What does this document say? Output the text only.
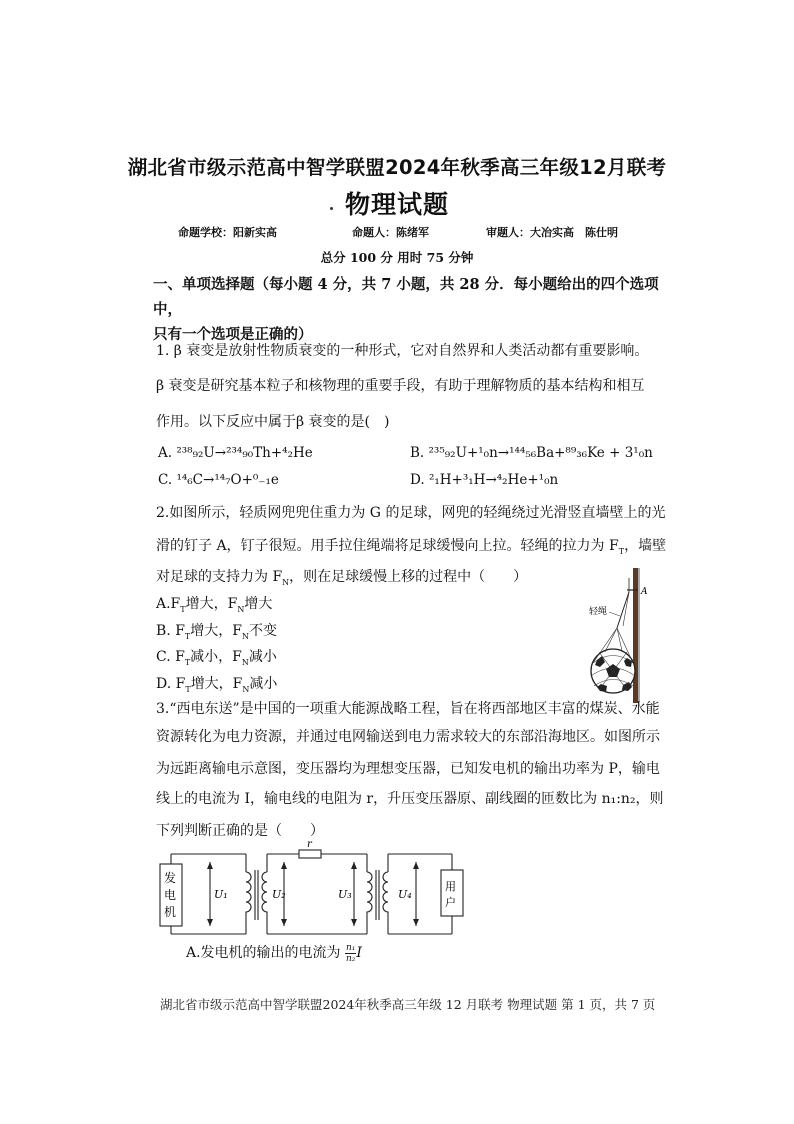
湖北省市级示范高中智学联盟2024年秋季高三年级12月联考
物理试题
命题学校：阳新实高	命题人：陈绪军	审题人：大冶实高　陈仕明
总分 100 分 用时 75 分钟
一、单项选择题（每小题 4 分，共 7 小题，共 28 分．每小题给出的四个选项中，
只有一个选项是正确的）
1. β 衰变是放射性物质衰变的一种形式，它对自然界和人类活动都有重要影响。
β 衰变是研究基本粒子和核物理的重要手段，有助于理解物质的基本结构和相互
作用。以下反应中属于β 衰变的是(　)
A. ²³⁸₉₂U→²³⁴₉₀Th+⁴₂He	B. ²³⁵₉₂U+¹₀n→¹⁴⁴₅₆Ba+⁸⁹₃₆Ke + 3¹₀n
C. ¹⁴₆C→¹⁴₇O+⁰₋₁e	D. ²₁H+³₁H→⁴₂He+¹₀n
2.如图所示，轻质网兜兜住重力为 G 的足球，网兜的轻绳绕过光滑竖直墙壁上的光
滑的钉子 A，钉子很短。用手拉住绳端将足球缓慢向上拉。轻绳的拉力为 $F_T$，墙壁
对足球的支持力为 $F_N$，则在足球缓慢上移的过程中（　　）
$A.F_T$增大，$F_N$增大
B. $F_T$增大，$F_N$不变
C. $F_T$减小，$F_N$减小
D. $F_T$增大，$F_N$减小
A
轻绳
3.“西电东送”是中国的一项重大能源战略工程，旨在将西部地区丰富的煤炭、水能
资源转化为电力资源，并通过电网输送到电力需求较大的东部沿海地区。如图所示
为远距离输电示意图，变压器均为理想变压器，已知发电机的输出功率为 P，输电
线上的电流为 I，输电线的电阻为 r，升压变压器原、副线圈的匝数比为 n₁:n₂，则
下列判断正确的是（　　）
发
电
机
用
户
r
U₁	U₂	U₃	U₄
A.发电机的输出的电流为 $\frac{\text{n₁}}{\text{n₂}}$ I
湖北省市级示范高中智学联盟2024年秋季高三年级 12 月联考 物理试题 第 1 页，共 7 页
